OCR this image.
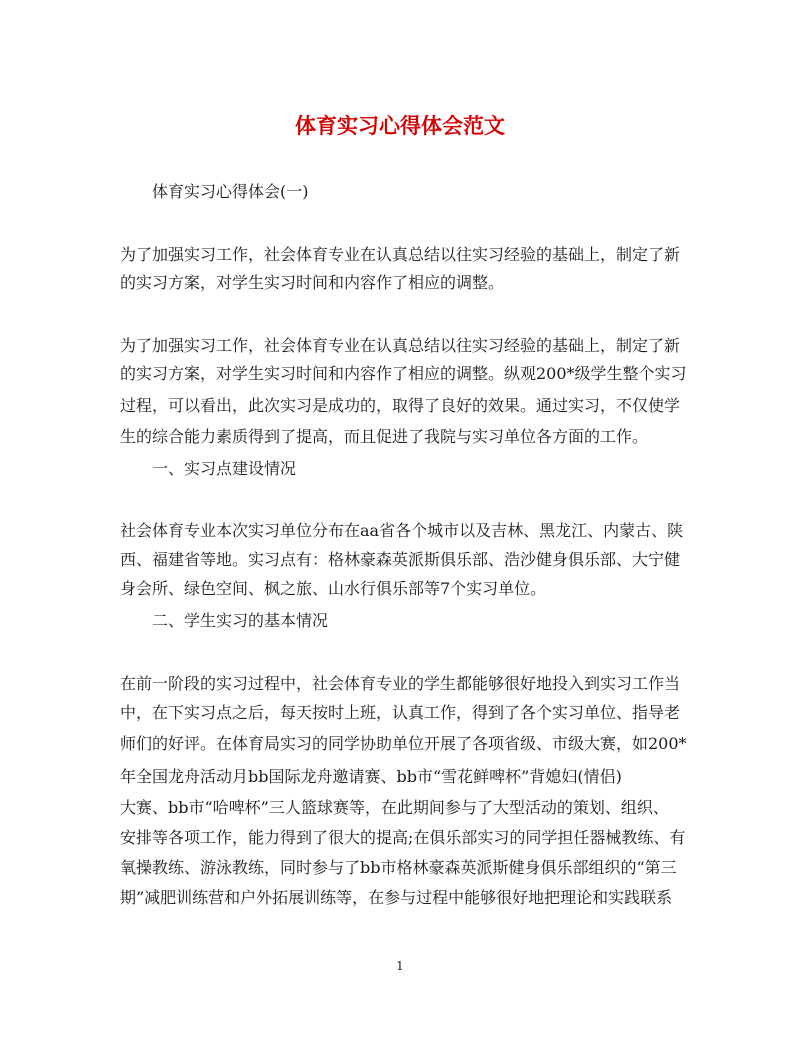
体育实习心得体会范文

体育实习心得体会(一)

为了加强实习工作，社会体育专业在认真总结以往实习经验的基础上，制定了新

的实习方案，对学生实习时间和内容作了相应的调整。

为了加强实习工作，社会体育专业在认真总结以往实习经验的基础上，制定了新

的实习方案，对学生实习时间和内容作了相应的调整。纵观200*级学生整个实习

过程，可以看出，此次实习是成功的，取得了良好的效果。通过实习，不仅使学

生的综合能力素质得到了提高，而且促进了我院与实习单位各方面的工作。

一、实习点建设情况

社会体育专业本次实习单位分布在aa省各个城市以及吉林、黑龙江、内蒙古、陕

西、福建省等地。实习点有：格林豪森英派斯俱乐部、浩沙健身俱乐部、大宁健

身会所、绿色空间、枫之旅、山水行俱乐部等7个实习单位。

二、学生实习的基本情况

在前一阶段的实习过程中，社会体育专业的学生都能够很好地投入到实习工作当

中，在下实习点之后，每天按时上班，认真工作，得到了各个实习单位、指导老

师们的好评。在体育局实习的同学协助单位开展了各项省级、市级大赛，如200*

年全国龙舟活动月bb国际龙舟邀请赛、bb市“雪花鲜啤杯”背媳妇(情侣)

大赛、bb市“哈啤杯”三人篮球赛等，在此期间参与了大型活动的策划、组织、

安排等各项工作，能力得到了很大的提高;在俱乐部实习的同学担任器械教练、有

氧操教练、游泳教练，同时参与了bb市格林豪森英派斯健身俱乐部组织的“第三

期”减肥训练营和户外拓展训练等，在参与过程中能够很好地把理论和实践联系

1
